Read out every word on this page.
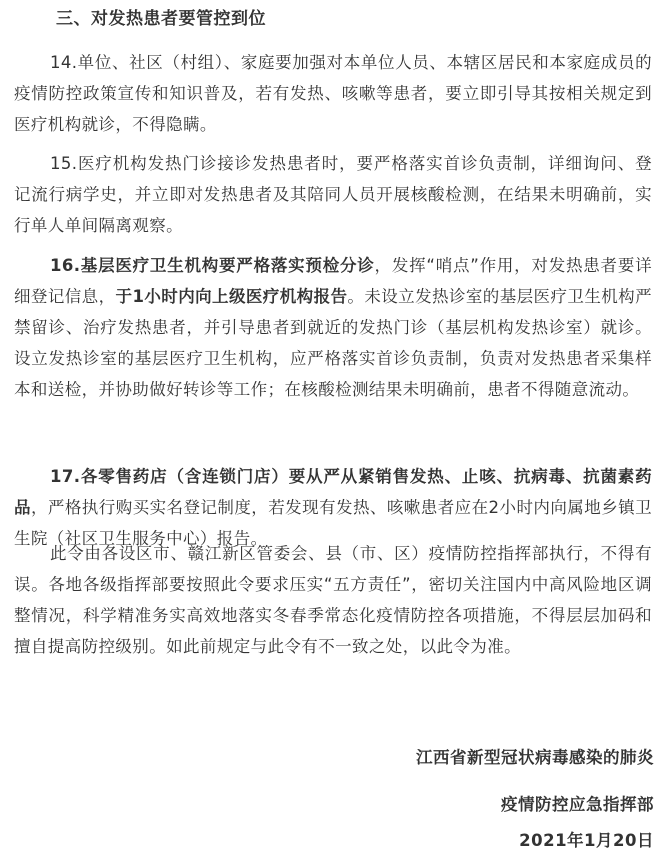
三、对发热患者要管控到位

14.单位、社区（村组）、家庭要加强对本单位人员、本辖区居民和本家庭成员的疫情防控政策宣传和知识普及，若有发热、咳嗽等患者，要立即引导其按相关规定到医疗机构就诊，不得隐瞒。

15.医疗机构发热门诊接诊发热患者时，要严格落实首诊负责制，详细询问、登记流行病学史，并立即对发热患者及其陪同人员开展核酸检测，在结果未明确前，实行单人单间隔离观察。

16.基层医疗卫生机构要严格落实预检分诊，发挥“哨点”作用，对发热患者要详细登记信息，于1小时内向上级医疗机构报告。未设立发热诊室的基层医疗卫生机构严禁留诊、治疗发热患者，并引导患者到就近的发热门诊（基层机构发热诊室）就诊。设立发热诊室的基层医疗卫生机构，应严格落实首诊负责制，负责对发热患者采集样本和送检，并协助做好转诊等工作；在核酸检测结果未明确前，患者不得随意流动。

17.各零售药店（含连锁门店）要从严从紧销售发热、止咳、抗病毒、抗菌素药品，严格执行购买实名登记制度，若发现有发热、咳嗽患者应在2小时内向属地乡镇卫生院（社区卫生服务中心）报告。

此令由各设区市、赣江新区管委会、县（市、区）疫情防控指挥部执行，不得有误。各地各级指挥部要按照此令要求压实“五方责任”，密切关注国内中高风险地区调整情况，科学精准务实高效地落实冬春季常态化疫情防控各项措施，不得层层加码和擅自提高防控级别。如此前规定与此令有不一致之处，以此令为准。

江西省新型冠状病毒感染的肺炎
疫情防控应急指挥部
2021年1月20日
